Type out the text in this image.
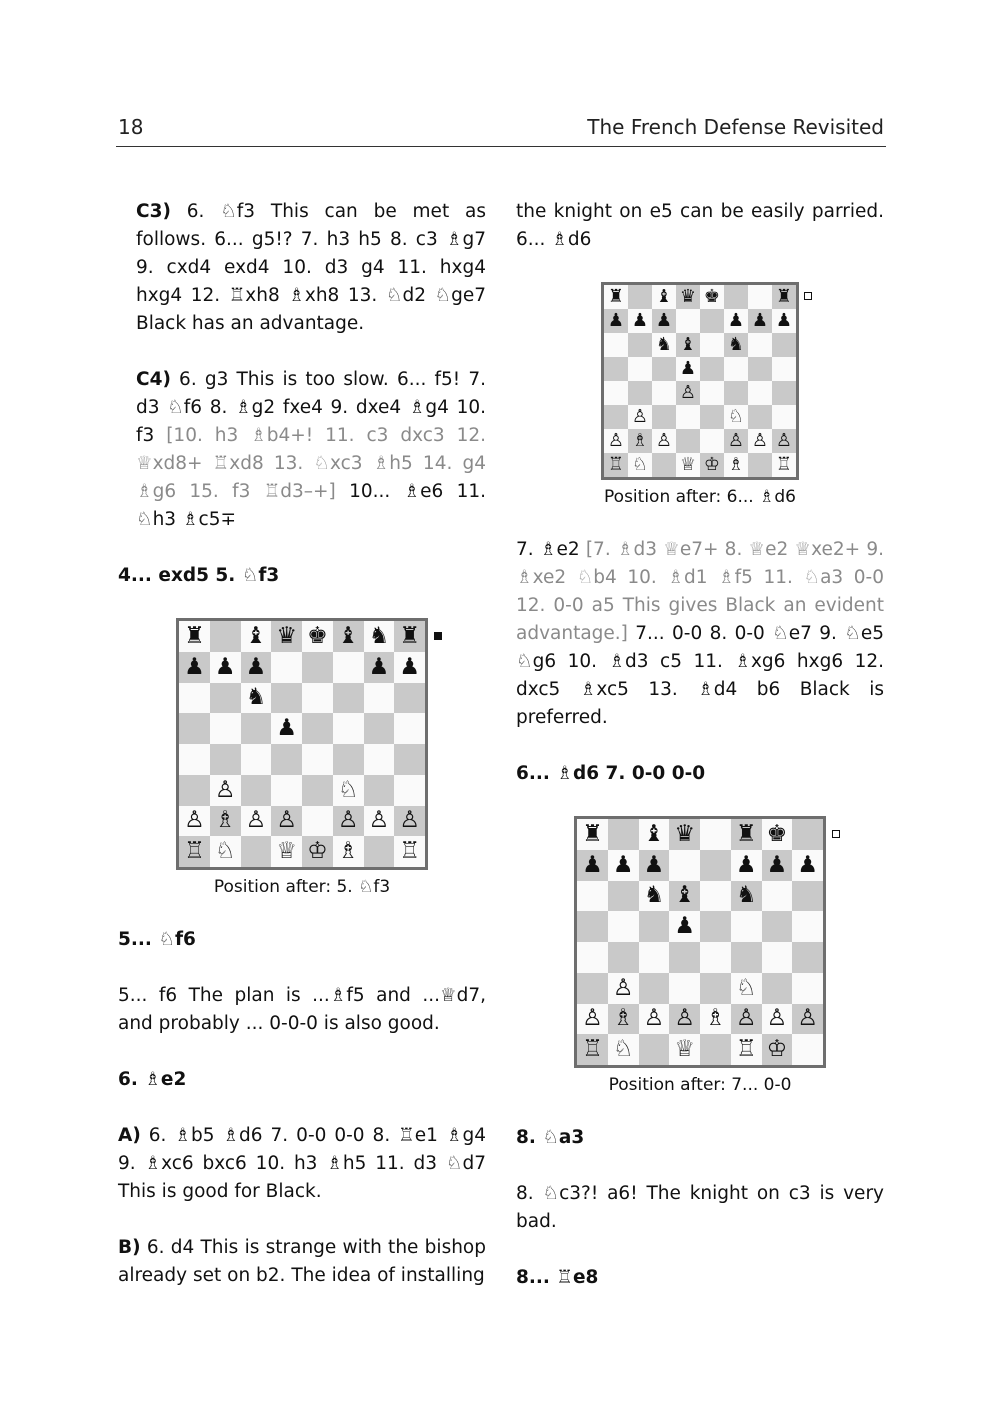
18	The French Defense Revisited

C3) 6. ♘f3 This can be met as follows. 6... g5!? 7. h3 h5 8. c3 ♗g7 9. cxd4 exd4 10. d3 g4 11. hxg4 hxg4 12. ♖xh8 ♗xh8 13. ♘d2 ♘ge7 Black has an advantage.

C4) 6. g3 This is too slow. 6... f5! 7. d3 ♘f6 8. ♗g2 fxe4 9. dxe4 ♗g4 10. f3 [10. h3 ♗b4+! 11. c3 dxc3 12. ♕xd8+ ♖xd8 13. ♘xc3 ♗h5 14. g4 ♗g6 15. f3 ♖d3–+] 10... ♗e6 11. ♘h3 ♗c5∓

4... exd5 5. ♘f3

♜ ♝ ♛ ♚ ♝ ♞ ♜
♟ ♟ ♟	♟ ♟
♞
♟
♙	♘
♙ ♗ ♙ ♙ ♙ ♙ ♙
♖ ♘ ♕ ♔ ♗ ♖
Position after: 5. ♘f3

5... ♘f6

5... f6 The plan is ...♗f5 and ...♕d7, and probably ... 0-0-0 is also good.

6. ♗e2

A) 6. ♗b5 ♗d6 7. 0-0 0-0 8. ♖e1 ♗g4 9. ♗xc6 bxc6 10. h3 ♗h5 11. d3 ♘d7 This is good for Black.

B) 6. d4 This is strange with the bishop already set on b2. The idea of installing

the knight on e5 can be easily parried. 6... ♗d6

♜ ♝ ♛ ♚	♜
♟ ♟ ♟	♟ ♟ ♟
♞ ♝ ♞
♟
♙
♙	♘
♙ ♗ ♙	♙ ♙ ♙
♖ ♘ ♕ ♔ ♗ ♖
Position after: 6... ♗d6

7. ♗e2 [7. ♗d3 ♕e7+ 8. ♕e2 ♕xe2+ 9. ♗xe2 ♘b4 10. ♗d1 ♗f5 11. ♘a3 0-0 12. 0-0 a5 This gives Black an evident advantage.] 7... 0-0 8. 0-0 ♘e7 9. ♘e5 ♘g6 10. ♗d3 c5 11. ♗xg6 hxg6 12. dxc5 ♗xc5 13. ♗d4 b6 Black is preferred.

6... ♗d6 7. 0-0 0-0

♜ ♝ ♛ ♜ ♚
♟ ♟ ♟	♟ ♟ ♟
♞ ♝ ♞
♟
♙	♘
♙ ♗ ♙ ♙ ♗ ♙ ♙ ♙
♖ ♘ ♕ ♖ ♔
Position after: 7... 0-0

8. ♘a3

8. ♘c3?! a6! The knight on c3 is very bad.

8... ♖e8
